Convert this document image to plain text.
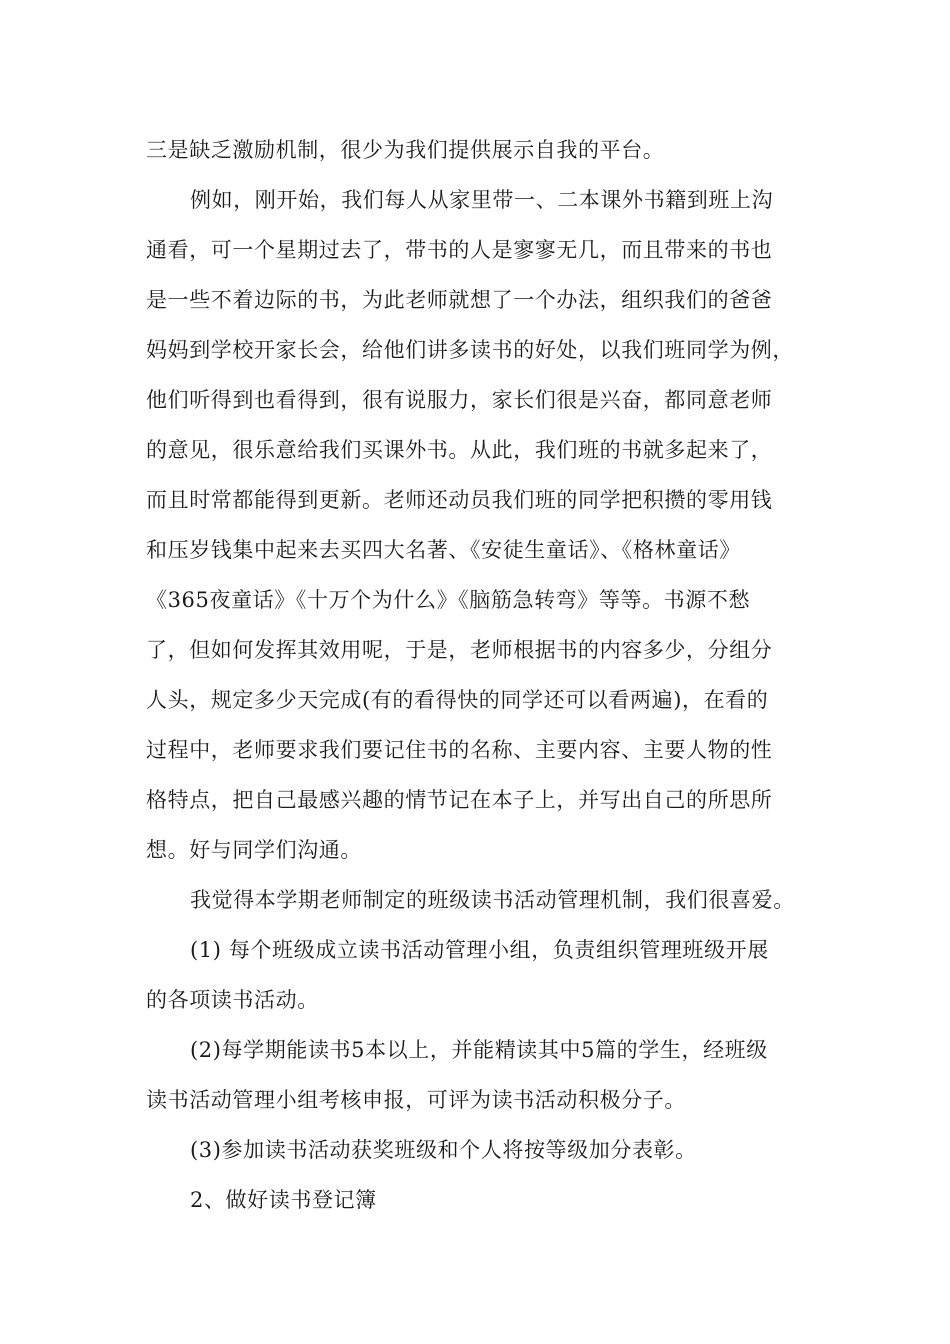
三是缺乏激励机制，很少为我们提供展示自我的平台。
例如，刚开始，我们每人从家里带一、二本课外书籍到班上沟
通看，可一个星期过去了，带书的人是寥寥无几，而且带来的书也
是一些不着边际的书，为此老师就想了一个办法，组织我们的爸爸
妈妈到学校开家长会，给他们讲多读书的好处，以我们班同学为例，
他们听得到也看得到，很有说服力，家长们很是兴奋，都同意老师
的意见，很乐意给我们买课外书。从此，我们班的书就多起来了，
而且时常都能得到更新。老师还动员我们班的同学把积攒的零用钱
和压岁钱集中起来去买四大名著、《安徒生童话》、《格林童话》
《365夜童话》《十万个为什么》《脑筋急转弯》等等。书源不愁
了，但如何发挥其效用呢，于是，老师根据书的内容多少，分组分
人头，规定多少天完成(有的看得快的同学还可以看两遍)，在看的
过程中，老师要求我们要记住书的名称、主要内容、主要人物的性
格特点，把自己最感兴趣的情节记在本子上，并写出自己的所思所
想。好与同学们沟通。
我觉得本学期老师制定的班级读书活动管理机制，我们很喜爱。
(1) 每个班级成立读书活动管理小组，负责组织管理班级开展
的各项读书活动。
(2)每学期能读书5本以上，并能精读其中5篇的学生，经班级
读书活动管理小组考核申报，可评为读书活动积极分子。
(3)参加读书活动获奖班级和个人将按等级加分表彰。
2、做好读书登记簿
